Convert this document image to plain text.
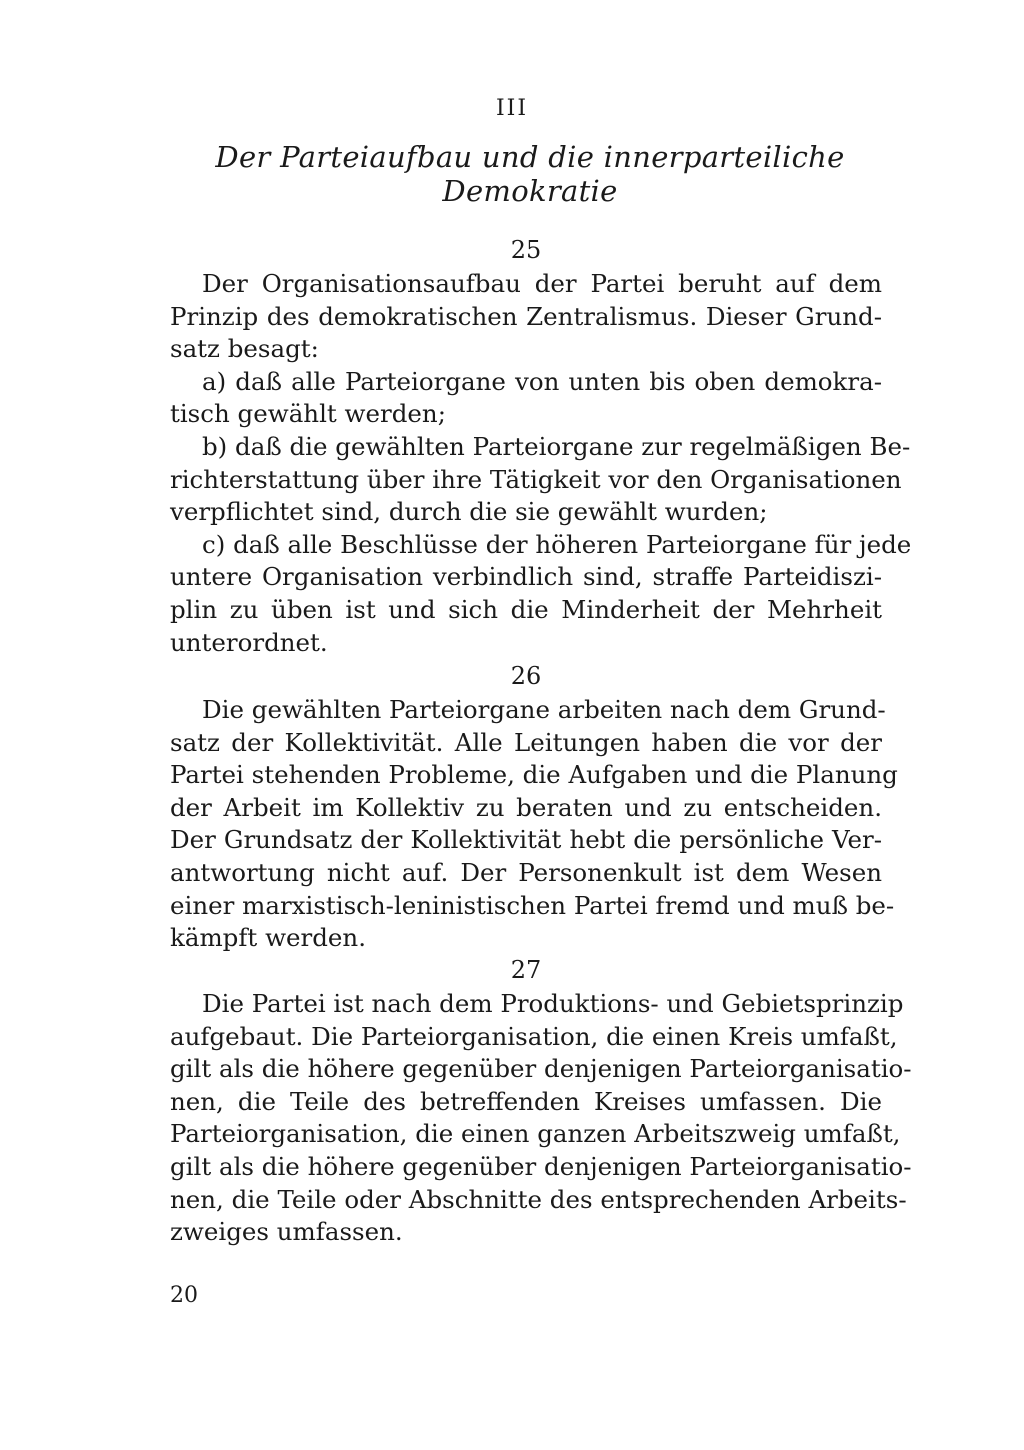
III
Der Parteiaufbau und die innerparteiliche Demokratie
25
Der Organisationsaufbau der Partei beruht auf dem
Prinzip des demokratischen Zentralismus. Dieser Grund-
satz besagt:
a) daß alle Parteiorgane von unten bis oben demokra-
tisch gewählt werden;
b) daß die gewählten Parteiorgane zur regelmäßigen Be-
richterstattung über ihre Tätigkeit vor den Organisationen
verpflichtet sind, durch die sie gewählt wurden;
c) daß alle Beschlüsse der höheren Parteiorgane für jede
untere Organisation verbindlich sind, straffe Parteidiszi-
plin zu üben ist und sich die Minderheit der Mehrheit
unterordnet.
26
Die gewählten Parteiorgane arbeiten nach dem Grund-
satz der Kollektivität. Alle Leitungen haben die vor der
Partei stehenden Probleme, die Aufgaben und die Planung
der Arbeit im Kollektiv zu beraten und zu entscheiden.
Der Grundsatz der Kollektivität hebt die persönliche Ver-
antwortung nicht auf. Der Personenkult ist dem Wesen
einer marxistisch-leninistischen Partei fremd und muß be-
kämpft werden.
27
Die Partei ist nach dem Produktions- und Gebietsprinzip
aufgebaut. Die Parteiorganisation, die einen Kreis umfaßt,
gilt als die höhere gegenüber denjenigen Parteiorganisatio-
nen, die Teile des betreffenden Kreises umfassen. Die
Parteiorganisation, die einen ganzen Arbeitszweig umfaßt,
gilt als die höhere gegenüber denjenigen Parteiorganisatio-
nen, die Teile oder Abschnitte des entsprechenden Arbeits-
zweiges umfassen.
20
